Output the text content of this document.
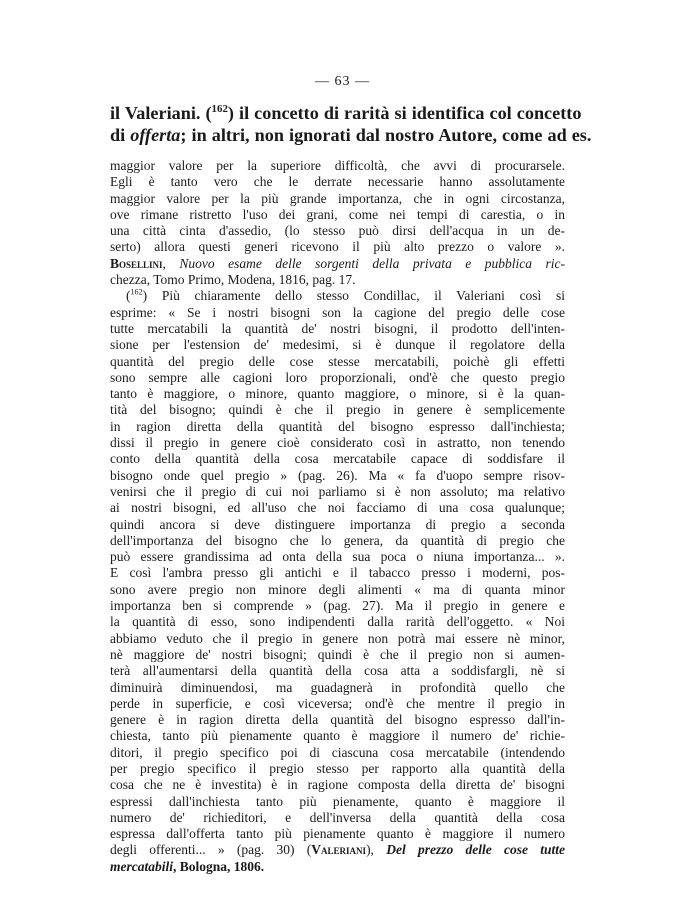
— 63 —
il Valeriani. ($^{162}$) il concetto di rarità si identifica col concetto
di offerta; in altri, non ignorati dal nostro Autore, come ad es.
maggior valore per la superiore difficoltà, che avvi di procurarsele.
Egli è tanto vero che le derrate necessarie hanno assolutamente
maggior valore per la più grande importanza, che in ogni circostanza,
ove rimane ristretto l'uso dei grani, come nei tempi di carestia, o in
una città cinta d'assedio, (lo stesso può dirsi dell'acqua in un de-
serto) allora questi generi ricevono il più alto prezzo o valore ».
Bosellini, Nuovo esame delle sorgenti della privata e pubblica ric-
chezza, Tomo Primo, Modena, 1816, pag. 17.
($^{162}$) Più chiaramente dello stesso Condillac, il Valeriani così si
esprime: « Se i nostri bisogni son la cagione del pregio delle cose
tutte mercatabili la quantità de' nostri bisogni, il prodotto dell'inten-
sione per l'estension de' medesimi, si è dunque il regolatore della
quantità del pregio delle cose stesse mercatabili, poichè gli effetti
sono sempre alle cagioni loro proporzionali, ond'è che questo pregio
tanto è maggiore, o minore, quanto maggiore, o minore, si è la quan-
tità del bisogno; quindi è che il pregio in genere è semplicemente
in ragion diretta della quantità del bisogno espresso dall'inchiesta;
dissi il pregio in genere cioè considerato così in astratto, non tenendo
conto della quantità della cosa mercatabile capace di soddisfare il
bisogno onde quel pregio » (pag. 26). Ma « fa d'uopo sempre risov-
venirsi che il pregio di cui noi parliamo si è non assoluto; ma relativo
ai nostri bisogni, ed all'uso che noi facciamo di una cosa qualunque;
quindi ancora si deve distinguere importanza di pregio a seconda
dell'importanza del bisogno che lo genera, da quantità di pregio che
può essere grandissima ad onta della sua poca o niuna importanza... ».
E così l'ambra presso gli antichi e il tabacco presso i moderni, pos-
sono avere pregio non minore degli alimenti « ma di quanta minor
importanza ben si comprende » (pag. 27). Ma il pregio in genere e
la quantità di esso, sono indipendenti dalla rarità dell'oggetto. « Noi
abbiamo veduto che il pregio in genere non potrà mai essere nè minor,
nè maggiore de' nostri bisogni; quindi è che il pregio non si aumen-
terà all'aumentarsi della quantità della cosa atta a soddisfargli, nè si
diminuirà diminuendosi, ma guadagnerà in profondità quello che
perde in superficie, e così viceversa; ond'è che mentre il pregio in
genere è in ragion diretta della quantità del bisogno espresso dall'in-
chiesta, tanto più pienamente quanto è maggiore il numero de' richie-
ditori, il pregio specifico poi di ciascuna cosa mercatabile (intendendo
per pregio specifico il pregio stesso per rapporto alla quantità della
cosa che ne è investita) è in ragione composta della diretta de' bisogni
espressi dall'inchiesta tanto più pienamente, quanto è maggiore il
numero de' richieditori, e dell'inversa della quantità della cosa
espressa dall'offerta tanto più pienamente quanto è maggiore il numero
degli offerenti... » (pag. 30) (Valeriani), Del prezzo delle cose tutte
mercatabili, Bologna, 1806.
